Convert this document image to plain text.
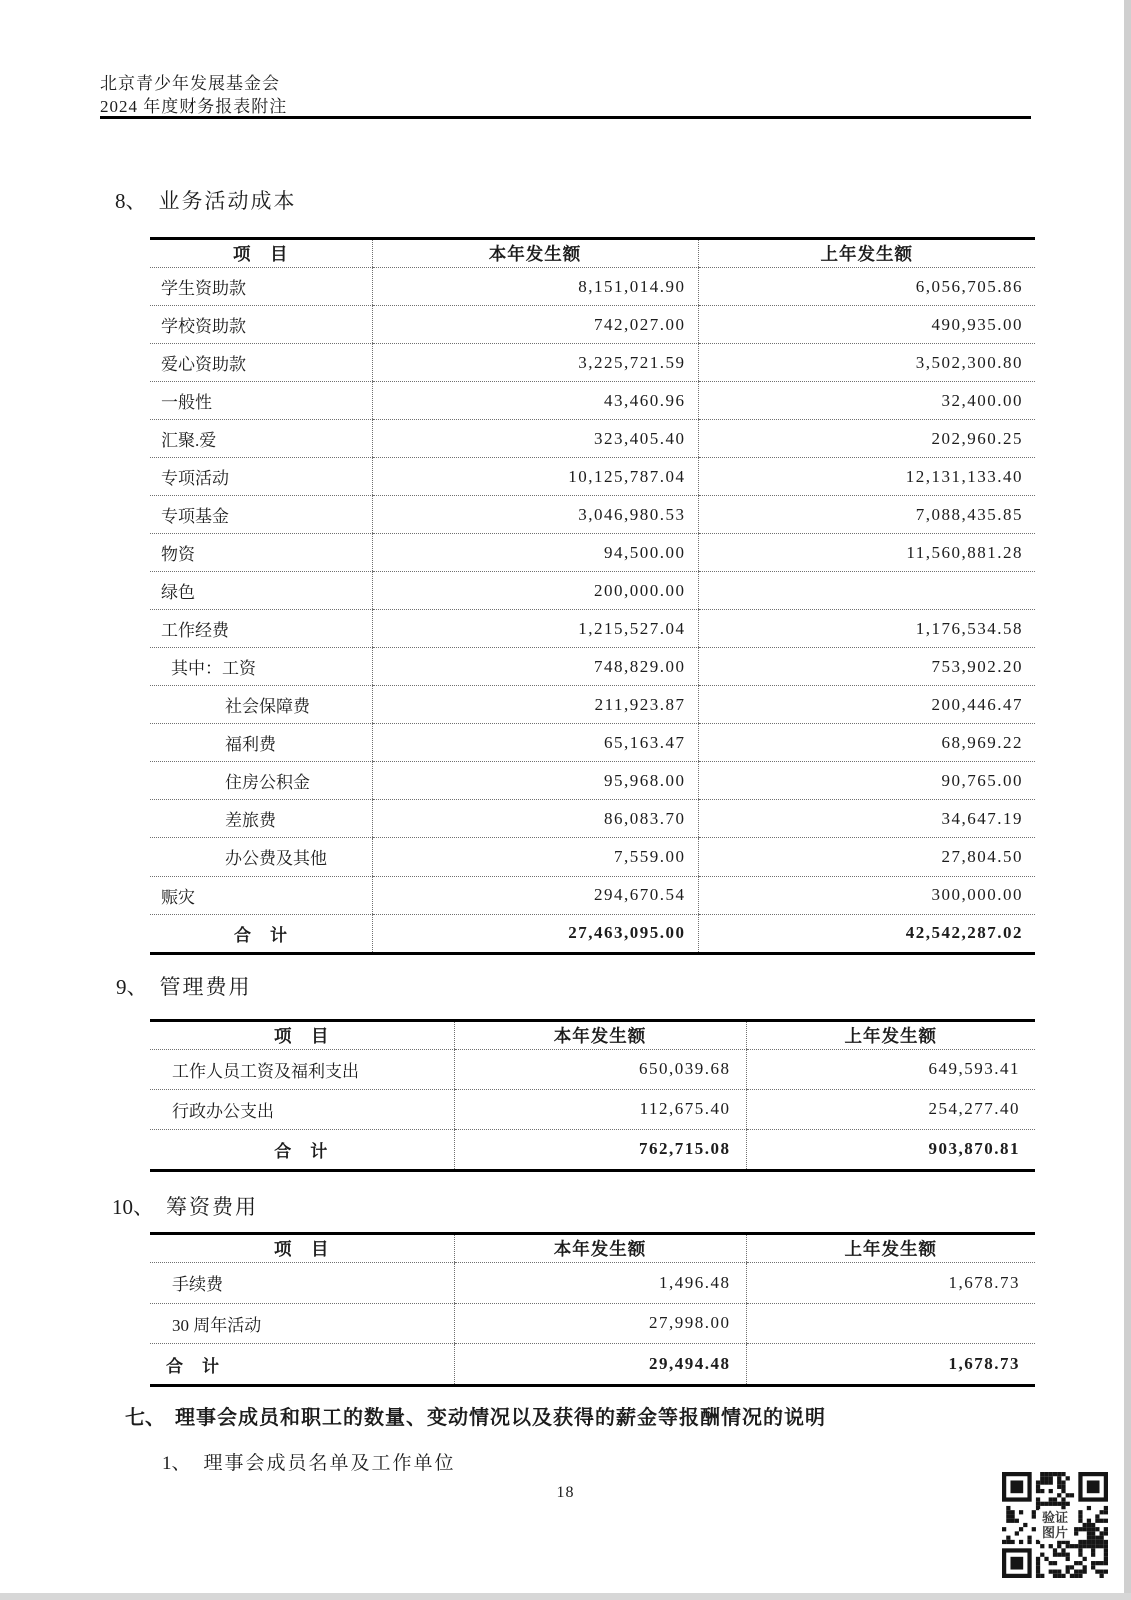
北京青少年发展基金会
2024 年度财务报表附注
8、 业务活动成本
项　目	本年发生额	上年发生额
学生资助款	8,151,014.90	6,056,705.86
学校资助款	742,027.00	490,935.00
爱心资助款	3,225,721.59	3,502,300.80
一般性	43,460.96	32,400.00
汇聚.爱	323,405.40	202,960.25
专项活动	10,125,787.04	12,131,133.40
专项基金	3,046,980.53	7,088,435.85
物资	94,500.00	11,560,881.28
绿色	200,000.00	
工作经费	1,215,527.04	1,176,534.58
其中：工资	748,829.00	753,902.20
社会保障费	211,923.87	200,446.47
福利费	65,163.47	68,969.22
住房公积金	95,968.00	90,765.00
差旅费	86,083.70	34,647.19
办公费及其他	7,559.00	27,804.50
赈灾	294,670.54	300,000.00
合　计	27,463,095.00	42,542,287.02
9、 管理费用
项　目	本年发生额	上年发生额
工作人员工资及福利支出	650,039.68	649,593.41
行政办公支出	112,675.40	254,277.40
合　计	762,715.08	903,870.81
10、 筹资费用
项　目	本年发生额	上年发生额
手续费	1,496.48	1,678.73
30 周年活动	27,998.00	
合　计	29,494.48	1,678.73
七、 理事会成员和职工的数量、变动情况以及获得的薪金等报酬情况的说明
1、 理事会成员名单及工作单位
18
验证
图片
